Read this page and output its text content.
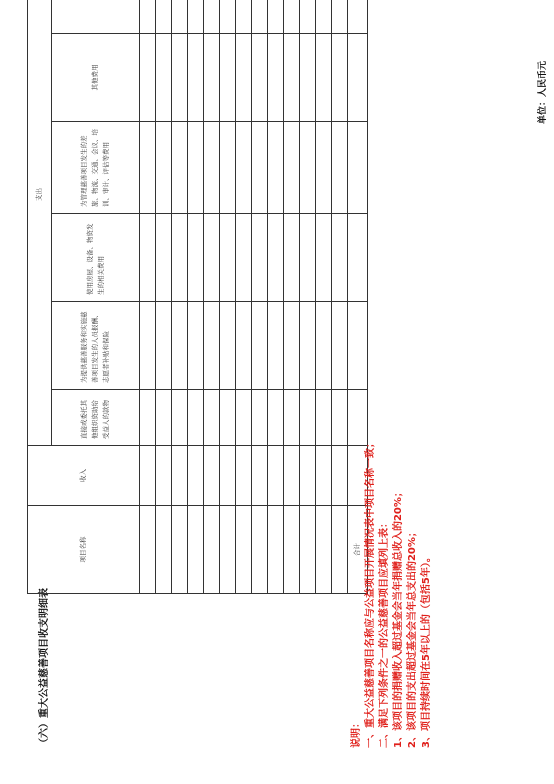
（六）重大公益慈善项目收支明细表
单位：人民币元
项目名称	收入	支出					

		直接或委托其他组织资助给受益人的款物	为提供慈善服务和实施慈善项目发生的人员报酬、志愿者补贴和保险	使用房屋、设备、物资发生的相关费用	为管理慈善项目发生的差旅、物流、交通、会议、培训、审计、评估等费用	其他费用

合计							
说明： 一、重大公益慈善项目名称应与公益项目开展情况表中项目名称一致； 二、满足下列条件之一的公益慈善项目应填列上表： 1、该项目的捐赠收入超过基金会当年捐赠总收入的20%； 2、该项目的支出超过基金会当年总支出的20%； 3、项目持续时间在5年以上的（包括5年）。
